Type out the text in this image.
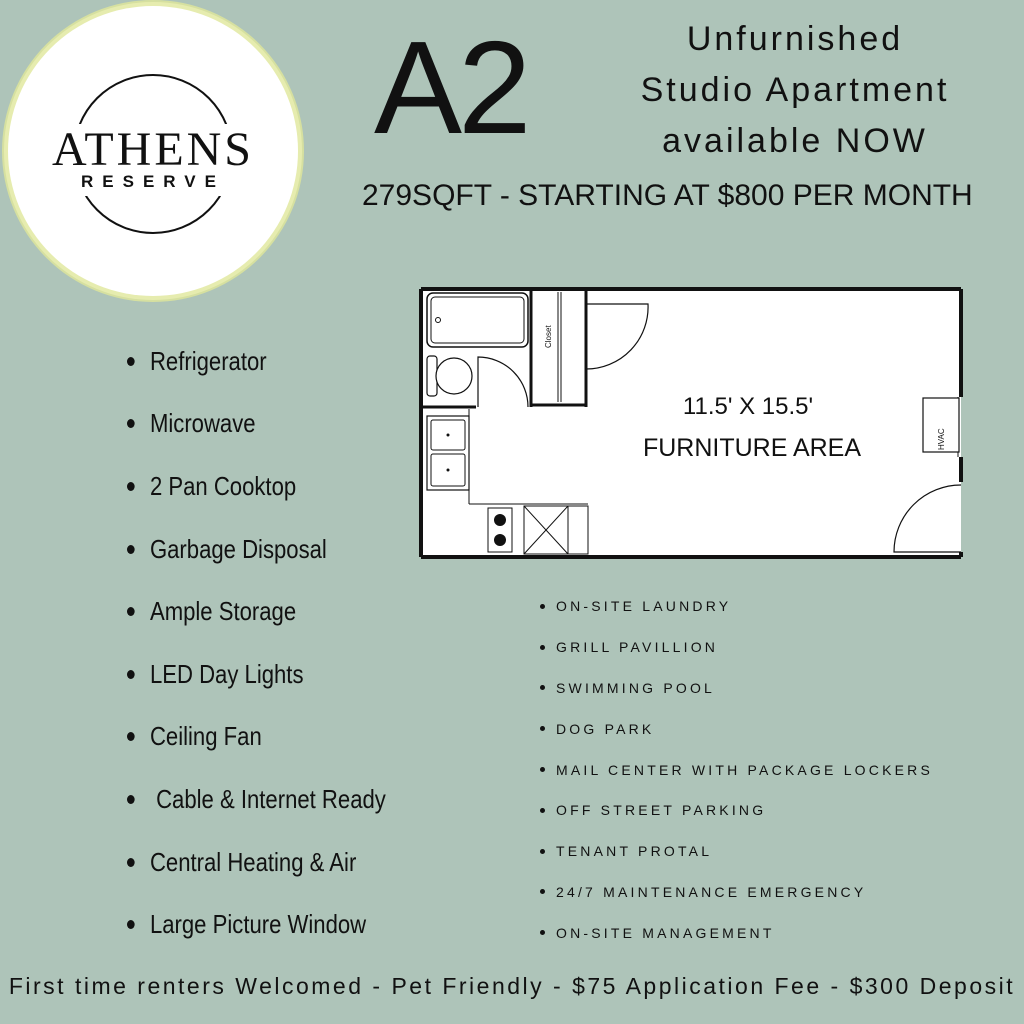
ATHENS
RESERVE
A2	Unfurnished
Studio Apartment
available NOW
279SQFT - STARTING AT $800 PER MONTH
Closet
HVAC
11.5' X 15.5'
FURNITURE AREA
Refrigerator
Microwave
2 Pan Cooktop
Garbage Disposal
Ample Storage
LED Day Lights
Ceiling Fan
Cable & Internet Ready
Central Heating & Air
Large Picture Window
ON-SITE LAUNDRY
GRILL PAVILLION
SWIMMING POOL
DOG PARK
MAIL CENTER WITH PACKAGE LOCKERS
OFF STREET PARKING
TENANT PROTAL
24/7 MAINTENANCE EMERGENCY
ON-SITE MANAGEMENT
First time renters Welcomed - Pet Friendly - $75 Application Fee - $300 Deposit
